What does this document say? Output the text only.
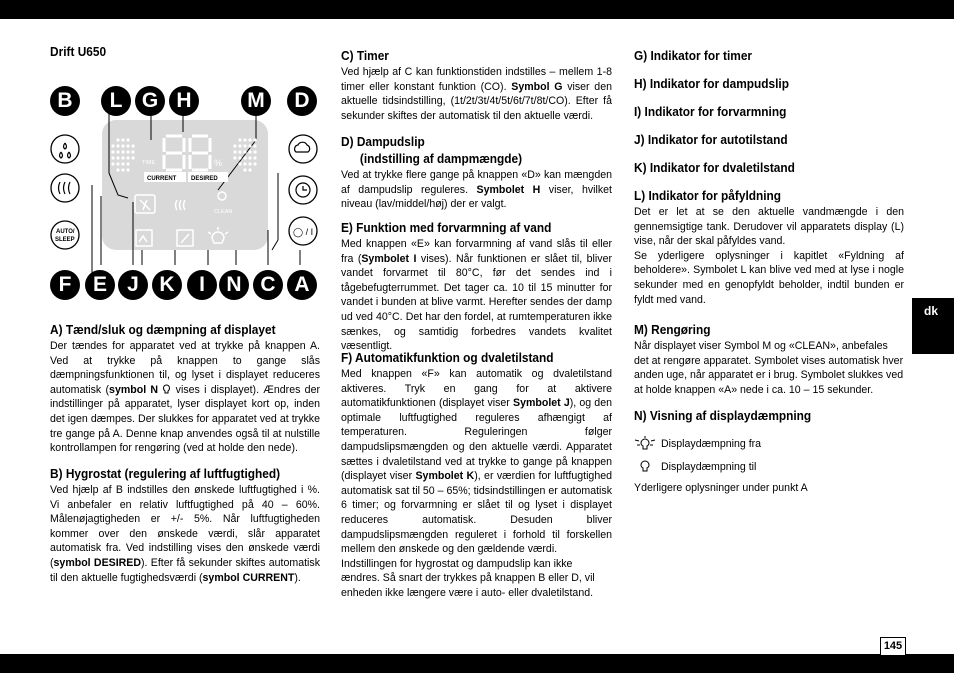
Drift U650
TIME	%
CURRENT DESIRED
CLEAN
AUTO/
SLEEP
◯ / I
B	L G H	M	D
F	E J K	I	N C A
A) Tænd/sluk og dæmpning af displayet

Der tændes for apparatet ved at trykke på knappen A. Ved at trykke på knappen to gange slås dæmpningsfunktionen til, og lyset i displayet reduceres automatisk (symbol N  vises i displayet). Ændres der indstillinger på apparatet, lyser displayet kort op, inden det igen dæmpes. Der slukkes for apparatet ved at trykke tre gange på A. Denne knap anvendes også til at nulstille kontrollampen for rengøring (ved at holde den nede).

B) Hygrostat (regulering af luftfugtighed)

Ved hjælp af B indstilles den ønskede luftfugtighed i %. Vi anbefaler en relativ luftfugtighed på 40 – 60%. Målenøjagtigheden er +/- 5%. Når luftfugtigheden kommer over den ønskede værdi, slår apparatet automatisk fra. Ved indstilling vises den ønskede værdi (symbol DESIRED). Efter få sekunder skiftes automatisk til den aktuelle fugtighedsværdi (symbol CURRENT).

C) Timer

Ved hjælp af C kan funktionstiden indstilles – mellem 1-8 timer eller konstant funktion (CO). Symbol G viser den aktuelle tidsindstilling, (1t/2t/3t/4t/5t/6t/7t/8t/CO). Efter få sekunder skiftes der automatisk til den aktuelle værdi.

D) Dampudslip
(indstilling af dampmængde)

Ved at trykke flere gange på knappen «D» kan mængden af dampudslip reguleres. Symbolet H viser, hvilket niveau (lav/middel/høj) der er valgt.

E) Funktion med forvarmning af vand

Med knappen «E» kan forvarmning af vand slås til eller fra (Symbolet I vises). Når funktionen er slået til, bliver vandet forvarmet til 80°C, før det sendes ind i tågebefugterrummet. Det tager ca. 10 til 15 minutter for vandet i bunden at blive varmt. Herefter sendes der damp ud ved 40°C. Det har den fordel, at rumtemperaturen ikke sænkes, og samtidig forbedres vandets kvalitet væsentligt.

F) Automatikfunktion og dvaletilstand

Med knappen «F» kan automatik og dvaletilstand aktiveres. Tryk en gang for at aktivere automatikfunktionen (displayet viser Symbolet J), og den optimale luftfugtighed reguleres afhængigt af temperaturen. Reguleringen følger dampudslipsmængden og den aktuelle værdi. Apparatet sættes i dvaletilstand ved at trykke to gange på knappen (displayet viser Symbolet K), er værdien for luftfugtighed automatisk sat til 50 – 65%; tidsindstillingen er automatisk 6 timer; og forvarmning er slået til og lyset i displayet reduceres automatisk. Desuden bliver dampudslipsmængden reguleret i forhold til forskellen mellem den ønskede og den gældende værdi.

Indstillingen for hygrostat og dampudslip kan ikke ændres. Så snart der trykkes på knappen B eller D, vil enheden ikke længere være i auto- eller dvaletilstand.

G) Indikator for timer
H) Indikator for dampudslip
I) Indikator for forvarmning
J) Indikator for autotilstand
K) Indikator for dvaletilstand
L) Indikator for påfyldning

Det er let at se den aktuelle vandmængde i den gennemsigtige tank. Derudover vil apparatets display (L) vise, når der skal påfyldes vand.

Se yderligere oplysninger i kapitlet «Fyldning af beholdere». Symbolet L kan blive ved med at lyse i nogle sekunder med en genopfyldt beholder, indtil bunden er fyldt med vand.

M) Rengøring

Når displayet viser Symbol M og «CLEAN», anbefales det at rengøre apparatet. Symbolet vises automatisk hver anden uge, når apparatet er i brug. Symbolet slukkes ved at holde knappen «A» nede i ca. 10 – 15 sekunder.

N) Visning af displaydæmpning
Displaydæmpning fra
Displaydæmpning til
Yderligere oplysninger under punkt A
dk
145
